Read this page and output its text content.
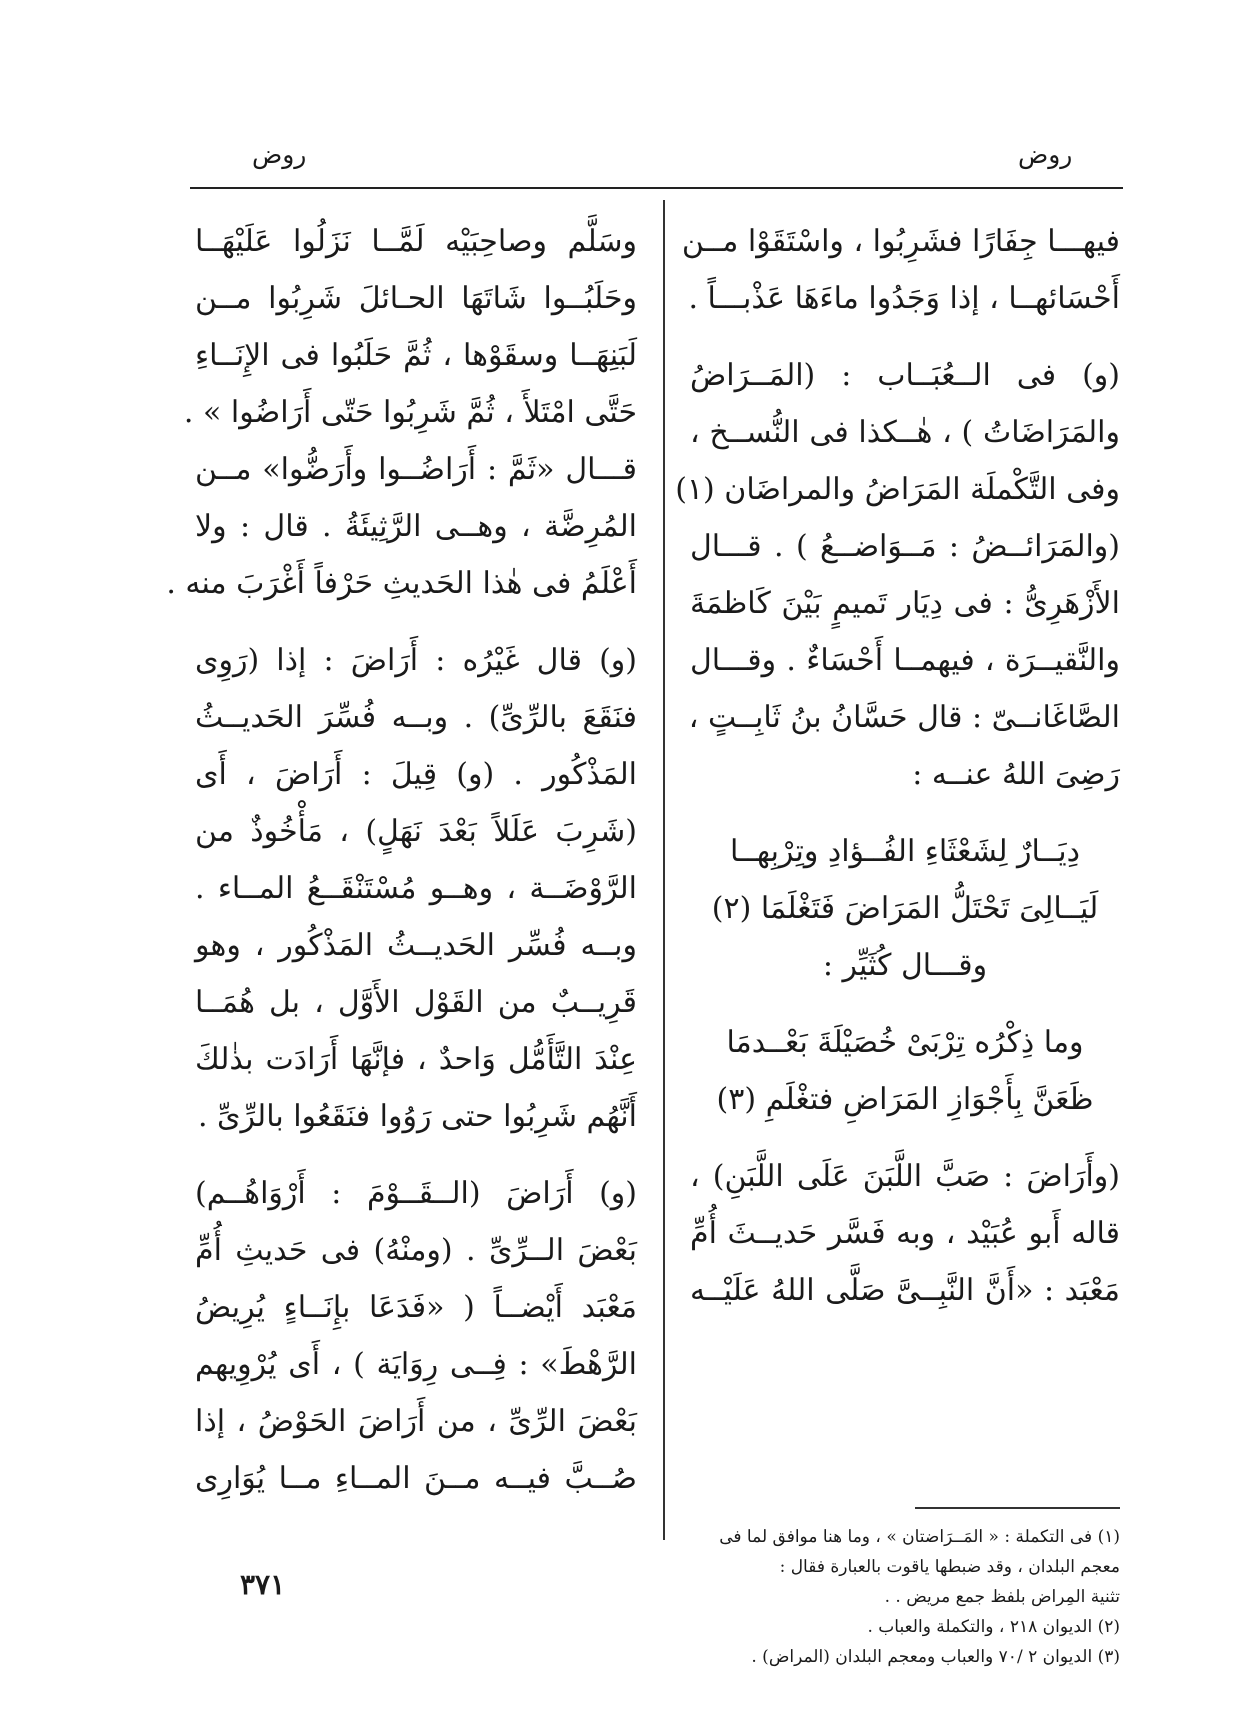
روض	روض
فيهـــا جِفَارًا فشَرِبُوا ، واسْتَقَوْا مــن
أَحْسَائهــا ، إذا وَجَدُوا ماءَهَا عَذْبـــاً .
(و) فى الــعُبَــاب : (المَــرَاضُ
والمَرَاضَاتُ ) ، هٰــكذا فى النُّســخ ،
وفى التَّكْملَة المَرَاضُ والمراضَان (١)
(والمَرَائــضُ : مَــوَاضــعُ ) . قـــال
الأَزْهَرِىُّ : فى دِيَار تَميمٍ بَيْنَ كَاظمَةَ
والنَّقيــرَة ، فيهمــا أَحْسَاءٌ . وقـــال
الصَّاغَانــىّ : قال حَسَّانُ بنُ ثَابِــتٍ ،
رَضِىَ اللهُ عنــه :
دِيَــارٌ لِشَعْثَاءِ الفُــؤادِ وتِرْبِهــا
لَيَــالِىَ تَحْتَلُّ المَرَاضَ فَتَغْلَمَا (٢)
وقـــال كُثَيِّر :
وما ذِكْرُه تِرْبَىْ خُصَيْلَةَ بَعْــدمَا
ظَعَنَّ بِأَجْوَازِ المَرَاضِ فتغْلَمِ (٣)
(وأَرَاضَ : صَبَّ اللَّبَنَ عَلَى اللَّبَنِ) ،
قاله أَبو عُبَيْد ، وبه فَسَّر حَديــثَ أُمِّ
مَعْبَد : «أَنَّ النَّبِــىَّ صَلَّى اللهُ عَلَيْــه
وسَلَّم وصاحِبَيْه لَمَّــا نَزَلُوا عَلَيْهَــا
وحَلَبُــوا شَاتَهَا الحـائلَ شَرِبُوا مــن
لَبَنِهَــا وسقَوْها ، ثُمَّ حَلَبُوا فى الإِنَــاءِ
حَتَّى امْتَلأَ ، ثُمَّ شَرِبُوا حَتّى أَرَاضُوا » .
قـــال «ثَمَّ : أَرَاضُــوا وأَرَضُّوا» مــن
المُرِضَّة ، وهــى الرَّثِيئَةُ . قال : ولا
أَعْلَمُ فى هٰذا الحَديثِ حَرْفاً أَغْرَبَ منه .
(و) قال غَيْرُه : أَرَاضَ : إذا (رَوِى
فنَقَعَ بالرِّىِّ) . وبــه فُسِّرَ الحَديــثُ
المَذْكُور . (و) قِيلَ : أَرَاضَ ، أَى
(شَرِبَ عَلَلاً بَعْدَ نَهَلٍ) ، مَأْخُوذٌ من
الرَّوْضَــة ، وهــو مُسْتَنْقَــعُ المــاء .
وبــه فُسِّر الحَديــثُ المَذْكُور ، وهو
قَرِيــبٌ من القَوْل الأَوَّل ، بل هُمَــا
عِنْدَ التَّأَمُّل وَاحدٌ ، فإنَّهَا أَرَادَت بذٰلكَ
أَنَّهُم شَرِبُوا حتى رَوُوا فنَقَعُوا بالرِّىِّ .
(و) أَرَاضَ (الــقَــوْمَ : أَرْوَاهُــم)
بَعْضَ الــرِّىِّ . (ومنْهُ) فى حَديثِ أُمِّ
مَعْبَد أَيْضــاً ( «فَدَعَا بإِنَــاءٍ يُرِيضُ
الرَّهْطَ» : فِــى رِوَايَة ) ، أَى يُرْوِيهم
بَعْضَ الرِّىِّ ، من أَرَاضَ الحَوْضُ ، إذا
صُــبَّ فيــه مــنَ المــاءِ مــا يُوَارِى
(١) فى التكملة : « المَــرَاضتان » ، وما هنا موافق لما فى
معجم البلدان ، وقد ضبطها ياقوت بالعبارة فقال :
تثنية المِراض بلفظ جمع مريض . .
(٢) الديوان ٢١٨ ، والتكملة والعباب .
(٣) الديوان ٢ /٧٠ والعباب ومعجم البلدان (المراض) .
٣٧١
